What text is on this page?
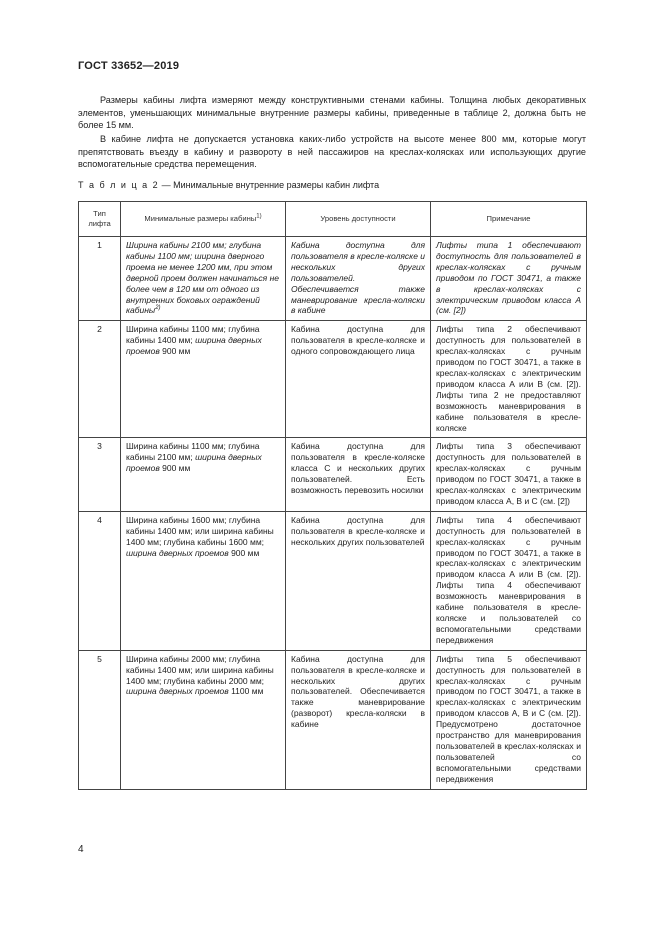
ГОСТ 33652—2019

Размеры кабины лифта измеряют между конструктивными стенами кабины. Толщина любых декоративных элементов, уменьшающих минимальные внутренние размеры кабины, приведенные в таблице 2, должна быть не более 15 мм.

В кабине лифта не допускается установка каких-либо устройств на высоте менее 800 мм, которые могут препятствовать въезду в кабину и развороту в ней пассажиров на креслах-колясках или использующих другие вспомогательные средства перемещения.

Т а б л и ц а 2 — Минимальные внутренние размеры кабин лифта
Тип лифта	Минимальные размеры кабины$^{1)}$	Уровень доступности	Примечание
1	Ширина кабины 2100 мм; глубина кабины 1100 мм; ширина дверного проема не менее 1200 мм, при этом дверной проем должен начинаться не более чем в 120 мм от одного из внутренних боковых ограждений кабины$^{2)}$	Кабина доступна для пользователя в кресле-коляске и нескольких других пользователей. Обеспечивается также маневрирование кресла-коляски в кабине	Лифты типа 1 обеспечивают доступность для пользователей в креслах-колясках с ручным приводом по ГОСТ 30471, а также в креслах-колясках с электрическим приводом класса А (см. [2])
2	Ширина кабины 1100 мм; глубина кабины 1400 мм; ширина дверных проемов 900 мм	Кабина доступна для пользователя в кресле-коляске и одного сопровождающего лица	Лифты типа 2 обеспечивают доступность для пользователей в креслах-колясках с ручным приводом по ГОСТ 30471, а также в креслах-колясках с электрическим приводом класса А или В (см. [2]). Лифты типа 2 не предоставляют возможность маневрирования в кабине пользователя в кресле-коляске
3	Ширина кабины 1100 мм; глубина кабины 2100 мм; ширина дверных проемов 900 мм	Кабина доступна для пользователя в кресле-коляске класса С и нескольких других пользователей. Есть возможность перевозить носилки	Лифты типа 3 обеспечивают доступность для пользователей в креслах-колясках с ручным приводом по ГОСТ 30471, а также в креслах-колясках с электрическим приводом класса А, В и С (см. [2])
4	Ширина кабины 1600 мм; глубина кабины 1400 мм; или ширина кабины 1400 мм; глубина кабины 1600 мм; ширина дверных проемов 900 мм	Кабина доступна для пользователя в кресле-коляске и нескольких других пользователей	Лифты типа 4 обеспечивают доступность для пользователей в креслах-колясках с ручным приводом по ГОСТ 30471, а также в креслах-колясках с электрическим приводом класса А или В (см. [2]). Лифты типа 4 обеспечивают возможность маневрирования в кабине пользователя в кресле-коляске и пользователей со вспомогательными средствами передвижения
5	Ширина кабины 2000 мм; глубина кабины 1400 мм; или ширина кабины 1400 мм; глубина кабины 2000 мм; ширина дверных проемов 1100 мм	Кабина доступна для пользователя в кресле-коляске и нескольких других пользователей. Обеспечивается также маневрирование (разворот) кресла-коляски в кабине	Лифты типа 5 обеспечивают доступность для пользователей в креслах-колясках с ручным приводом по ГОСТ 30471, а также в креслах-колясках с электрическим приводом классов А, В и С (см. [2]). Предусмотрено достаточное пространство для маневрирования пользователей в креслах-колясках и пользователей со вспомогательными средствами передвижения
4
